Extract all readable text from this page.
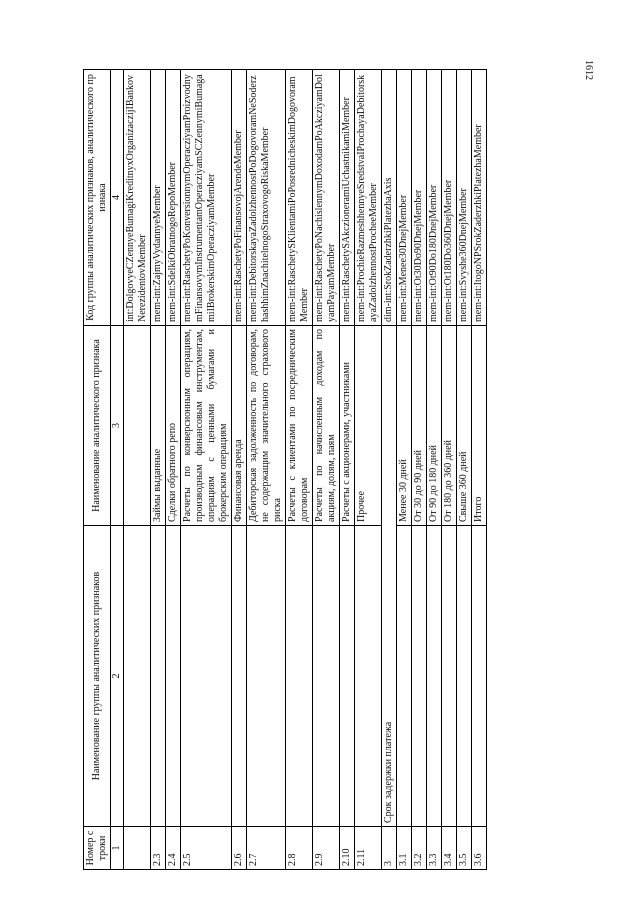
1612
Номер строки	Наименование группы аналитических признаков	Наименование аналитического признака	Код группы аналитических признаков, аналитического признака
1	2	3	4
			int:DolgovyeCZennyeBumagiKreditnyxOrganizaczijIBankovNerezidentovMember
2.3		Займы выданные	mem-int:ZajmyVydannyeMember
2.4		Сделки обратного репо	mem-int:SdelkiObratnogoRepoMember
2.5		Расчеты по конверсионным операциям, производным финансовым инструментам, операциям с ценными бумагами и брокерским операциям	mem-int:RaschetyPoKonversionnymOperacziyamProizvodnymFinansovymInstrumentamOperacziyamSCZennymiBumagamiIBrokerskimOperacziyamMember
2.6		Финансовая аренда	mem-int:RaschetyPoFinansovojArendeMember
2.7		Дебиторская задолженность по договорам, не содержащим значительного страхового риска	mem-int:DebitorskayaZadolzhennostPoDogovoramNeSoderzhashhimZnachitelnogoStraxovogoRiskaMember
2.8		Расчеты с клиентами по посредническим договорам	mem-int:RaschetySKlientamiPoPosrednicheskimDogovoramMember
2.9		Расчеты по начисленным доходам по акциям, долям, паям	mem-int:RaschetyPoNachislennymDoxodamPoAkcziyamDolyamPayamMember
2.10		Расчеты с акционерами, участниками	mem-int:RaschetySAkczioneramiUchastnikamiMember
2.11		Прочее	mem-int:ProchieRazmeshhennyeSredstvaIProchayaDebitorskayaZadolzhennostProcheeMember
3	Срок задержки платежа		dim-int:SrokZaderzhkiPlatezhaAxis
3.1		Менее 30 дней	mem-int:Menee30DnejMember
3.2		От 30 до 90 дней	mem-int:Ot30Do90DnejMember
3.3		От 90 до 180 дней	mem-int:Ot90Do180DnejMember
3.4		От 180 до 360 дней	mem-int:Ot180Do360DnejMember
3.5		Свыше 360 дней	mem-int:Svyshe360DnejMember
3.6		Итого	mem-int:ItogoNPSrokZaderzhkiPlatezhaMember
